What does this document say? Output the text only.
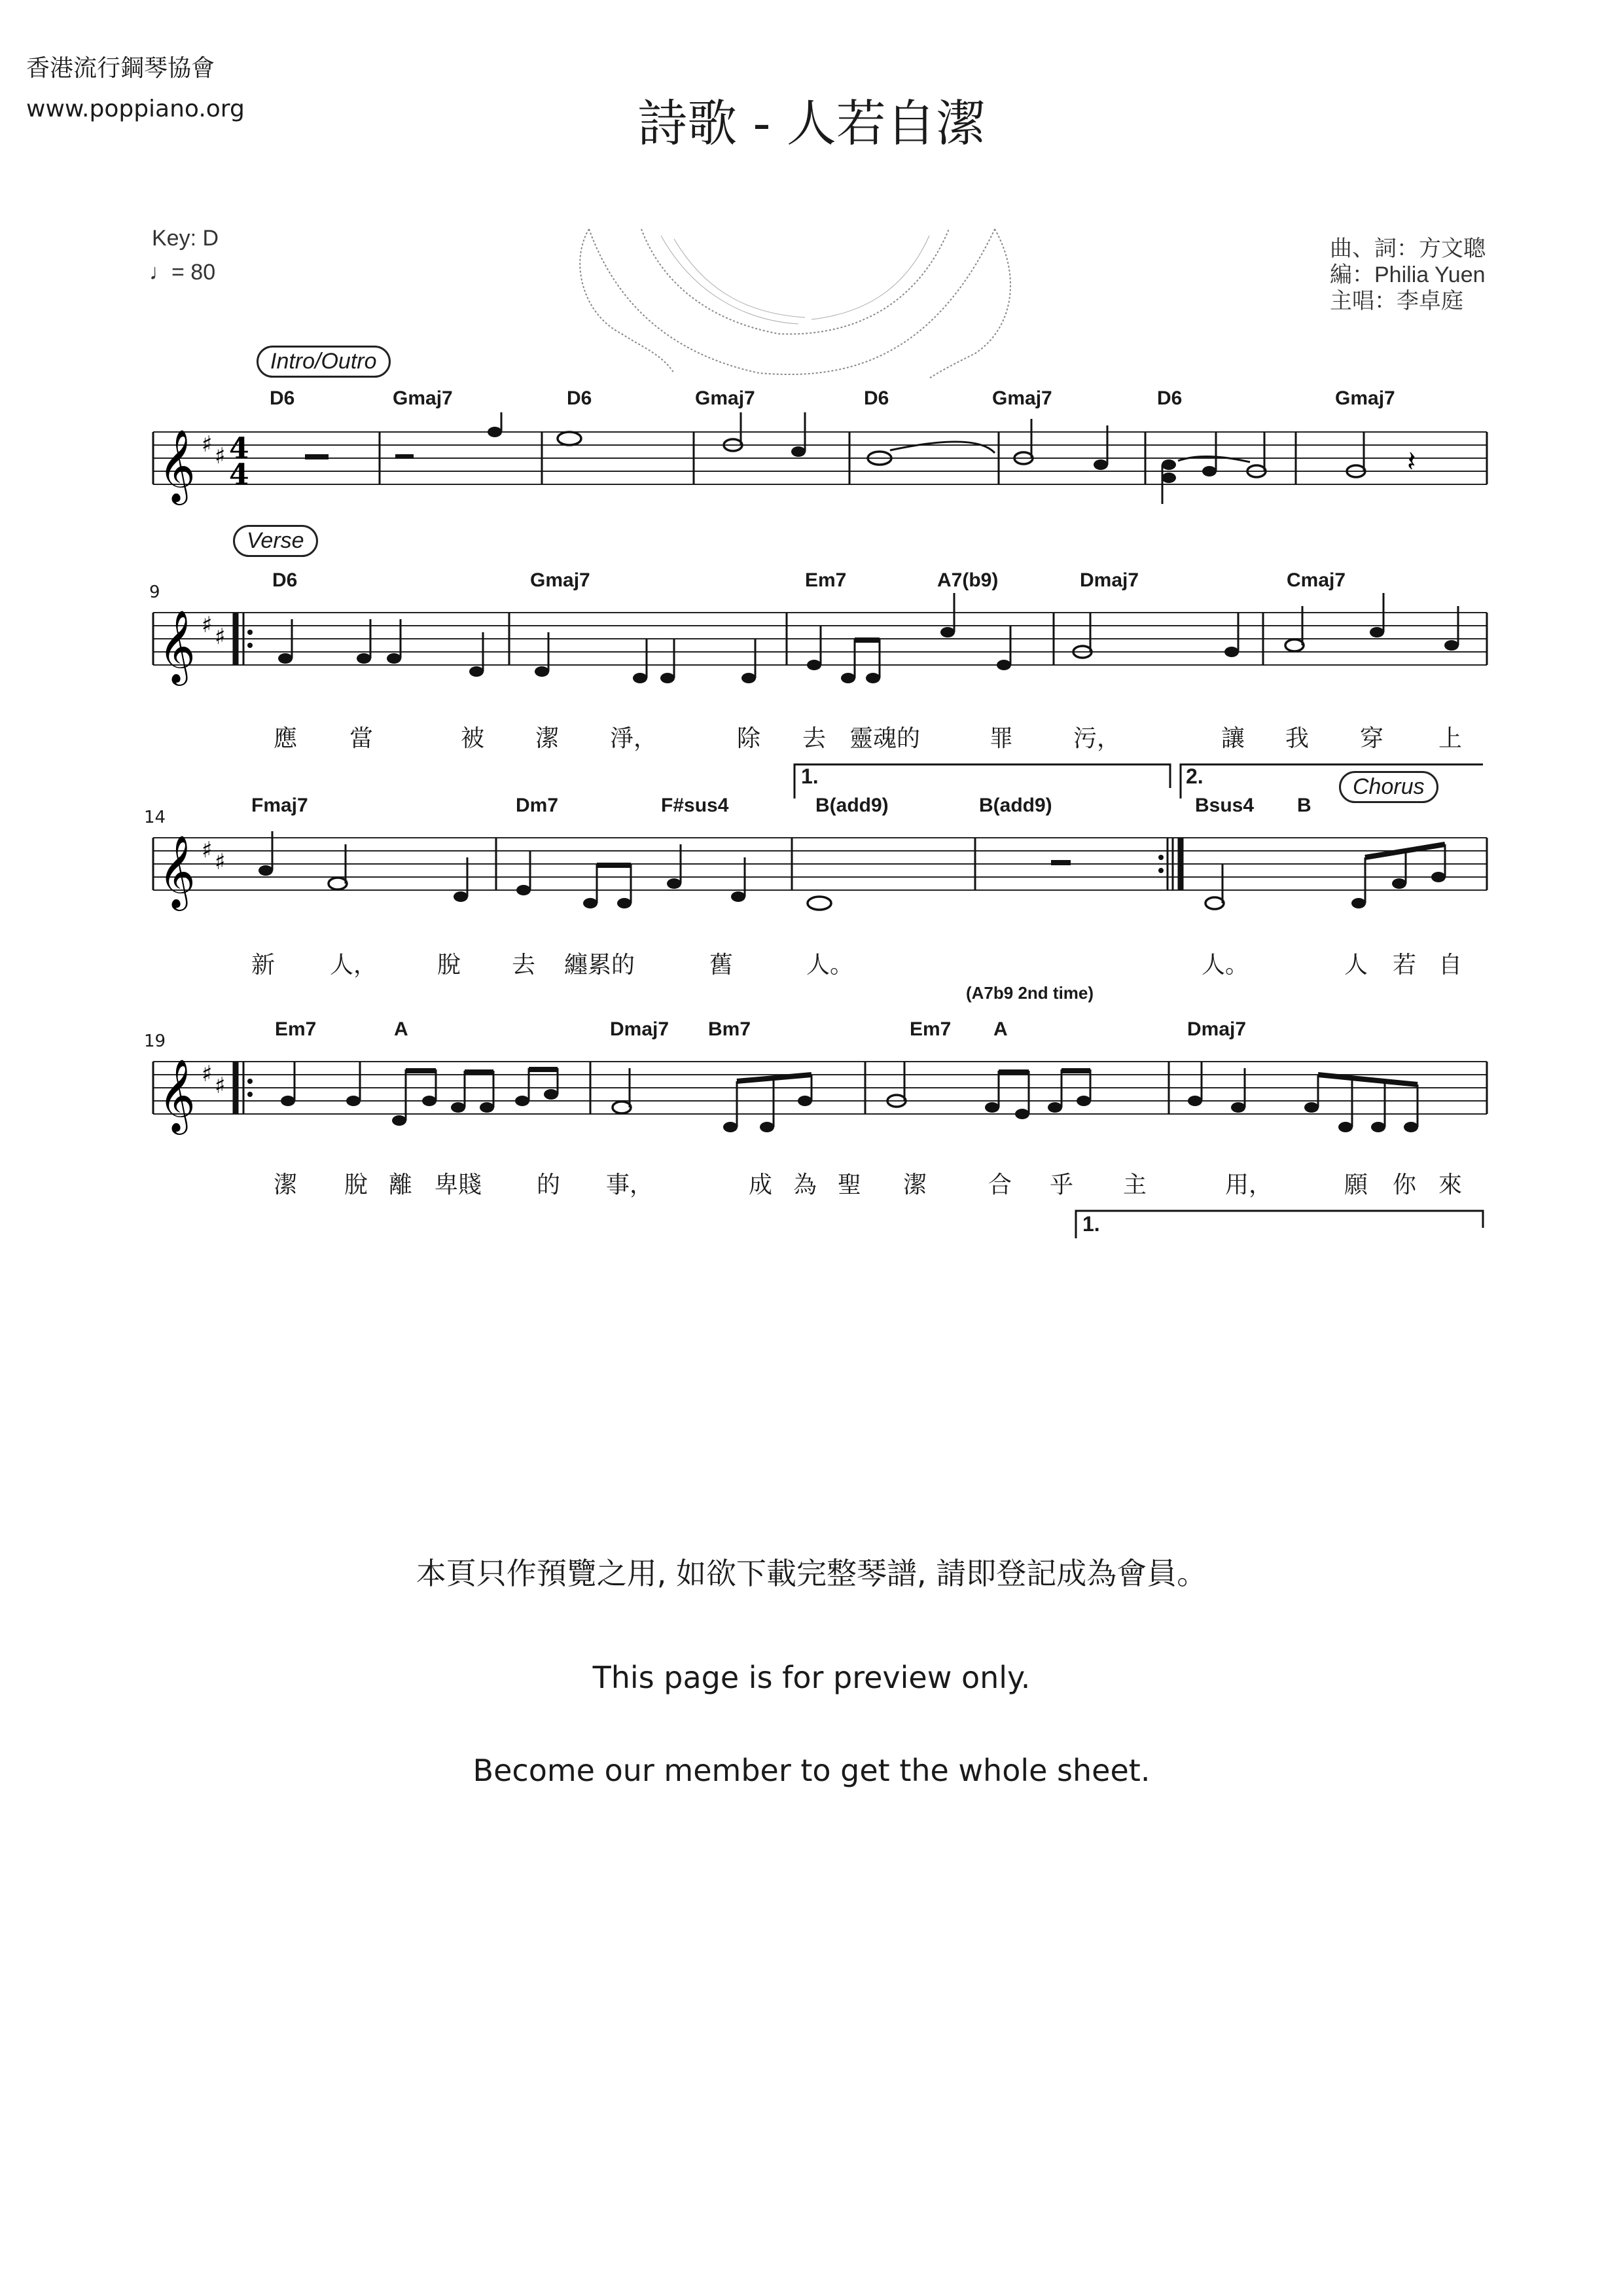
香港流行鋼琴協會
www.poppiano.org	詩歌 - 人若自潔
Key: D
♩= 80
曲、詞：方文聰
編：Philia Yuen
主唱：李卓庭
Intro/Outro
Verse
Chorus
D6	Gmaj7	D6	Gmaj7	D6	Gmaj7	D6	Gmaj7
𝄞 ♯ ♯ 4
4	𝄽
9
D6	Gmaj7	Em7	A7(b9)	Dmaj7	Cmaj7
𝄞 ♯ ♯
應 當	被 潔 淨，	除 去 靈魂的	罪	污，	讓 我 穿 上
1.	2.
14
Fmaj7	Dm7	F#sus4	B(add9)	B(add9)	Bsus4 B
𝄞 ♯ ♯
新 人，	脫 去 纏累的	舊	人。	人。	人 若 自
(A7b9 2nd time)
19
Em7	A	Dmaj7 Bm7	Em7 A	Dmaj7
𝄞 ♯ ♯
潔 脫 離 卑賤 的 事，	成 為 聖 潔	合 乎 主	用，	願 你 來
1.
本頁只作預覽之用, 如欲下載完整琴譜, 請即登記成為會員。
This page is for preview only.
Become our member to get the whole sheet.
